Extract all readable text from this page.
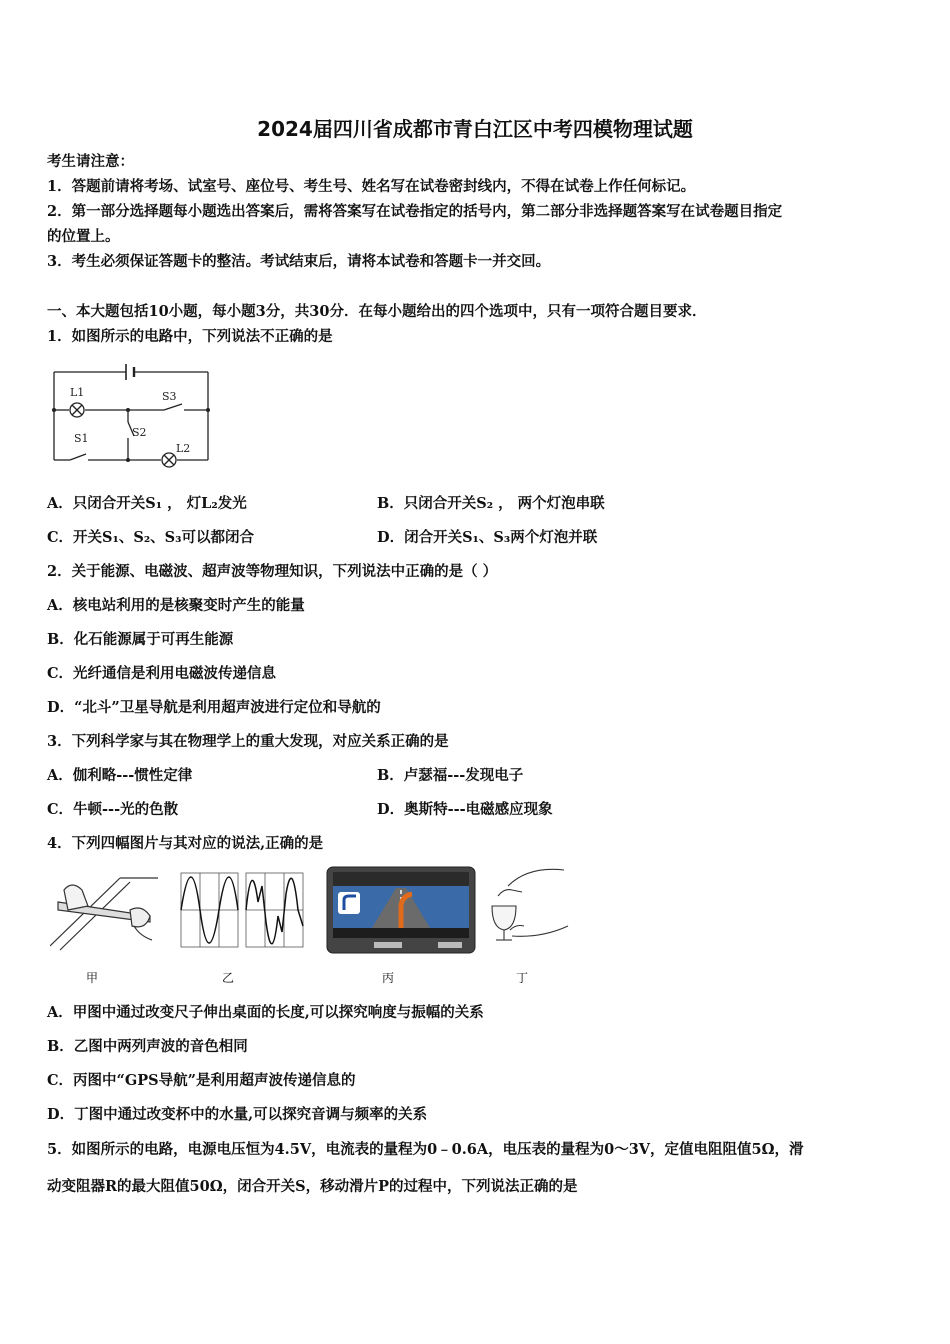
2024届四川省成都市青白江区中考四模物理试题
考生请注意：
1．答题前请将考场、试室号、座位号、考生号、姓名写在试卷密封线内，不得在试卷上作任何标记。
2．第一部分选择题每小题选出答案后，需将答案写在试卷指定的括号内，第二部分非选择题答案写在试卷题目指定
的位置上。
3．考生必须保证答题卡的整洁。考试结束后，请将本试卷和答题卡一并交回。
一、本大题包括10小题，每小题3分，共30分．在每小题给出的四个选项中，只有一项符合题目要求．
1．如图所示的电路中，下列说法不正确的是
L1	S3
S2
S1
L2
A．只闭合开关S₁ ， 灯L₂发光	B．只闭合开关S₂ ， 两个灯泡串联
C．开关S₁、S₂、S₃可以都闭合	D．闭合开关S₁、S₃两个灯泡并联
2．关于能源、电磁波、超声波等物理知识，下列说法中正确的是（ ）
A．核电站利用的是核聚变时产生的能量
B．化石能源属于可再生能源
C．光纤通信是利用电磁波传递信息
D．“北斗”卫星导航是利用超声波进行定位和导航的
3．下列科学家与其在物理学上的重大发现，对应关系正确的是
A．伽利略---惯性定律	B．卢瑟福---发现电子
C．牛顿---光的色散	D．奥斯特---电磁感应现象
4．下列四幅图片与其对应的说法,正确的是
甲	乙	丙	丁
A．甲图中通过改变尺子伸出桌面的长度,可以探究响度与振幅的关系
B．乙图中两列声波的音色相同
C．丙图中“GPS导航”是利用超声波传递信息的
D．丁图中通过改变杯中的水量,可以探究音调与频率的关系
5．如图所示的电路，电源电压恒为4.5V，电流表的量程为0﹣0.6A，电压表的量程为0～3V，定值电阻阻值5Ω，滑
动变阻器R的最大阻值50Ω，闭合开关S，移动滑片P的过程中，下列说法正确的是
